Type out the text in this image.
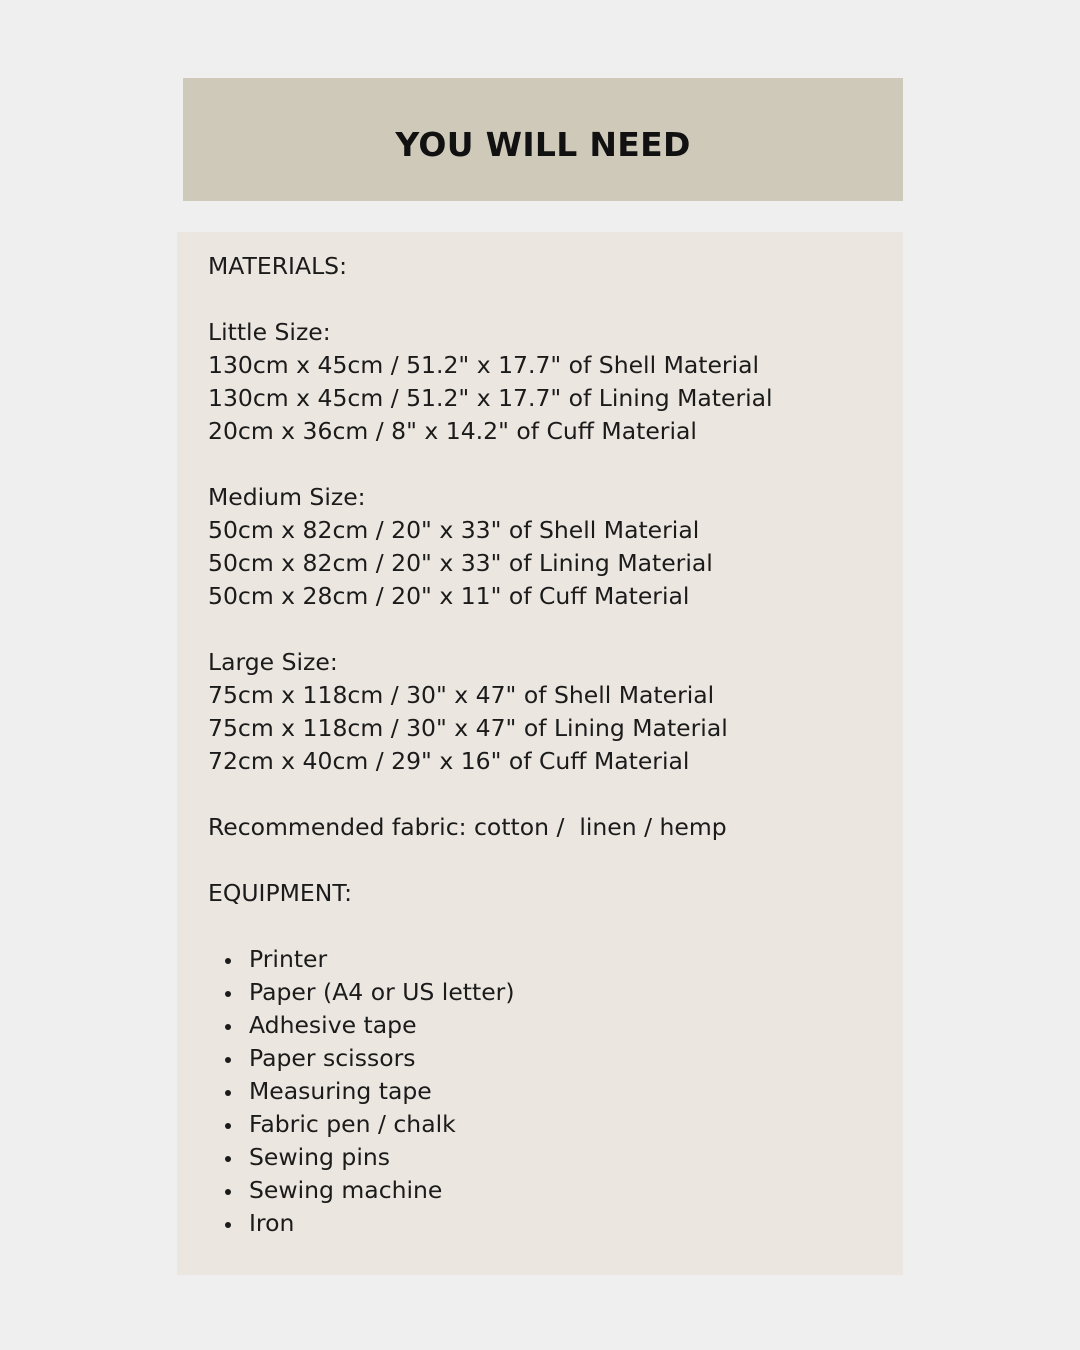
YOU WILL NEED
MATERIALS:
Little Size:
130cm x 45cm / 51.2" x 17.7" of Shell Material
130cm x 45cm / 51.2" x 17.7" of Lining Material
20cm x 36cm / 8" x 14.2" of Cuff Material
Medium Size:
50cm x 82cm / 20" x 33" of Shell Material
50cm x 82cm / 20" x 33" of Lining Material
50cm x 28cm / 20" x 11" of Cuff Material
Large Size:
75cm x 118cm / 30" x 47" of Shell Material
75cm x 118cm / 30" x 47" of Lining Material
72cm x 40cm / 29" x 16" of Cuff Material
Recommended fabric: cotton /  linen / hemp
EQUIPMENT:
Printer
Paper (A4 or US letter)
Adhesive tape
Paper scissors
Measuring tape
Fabric pen / chalk
Sewing pins
Sewing machine
Iron
